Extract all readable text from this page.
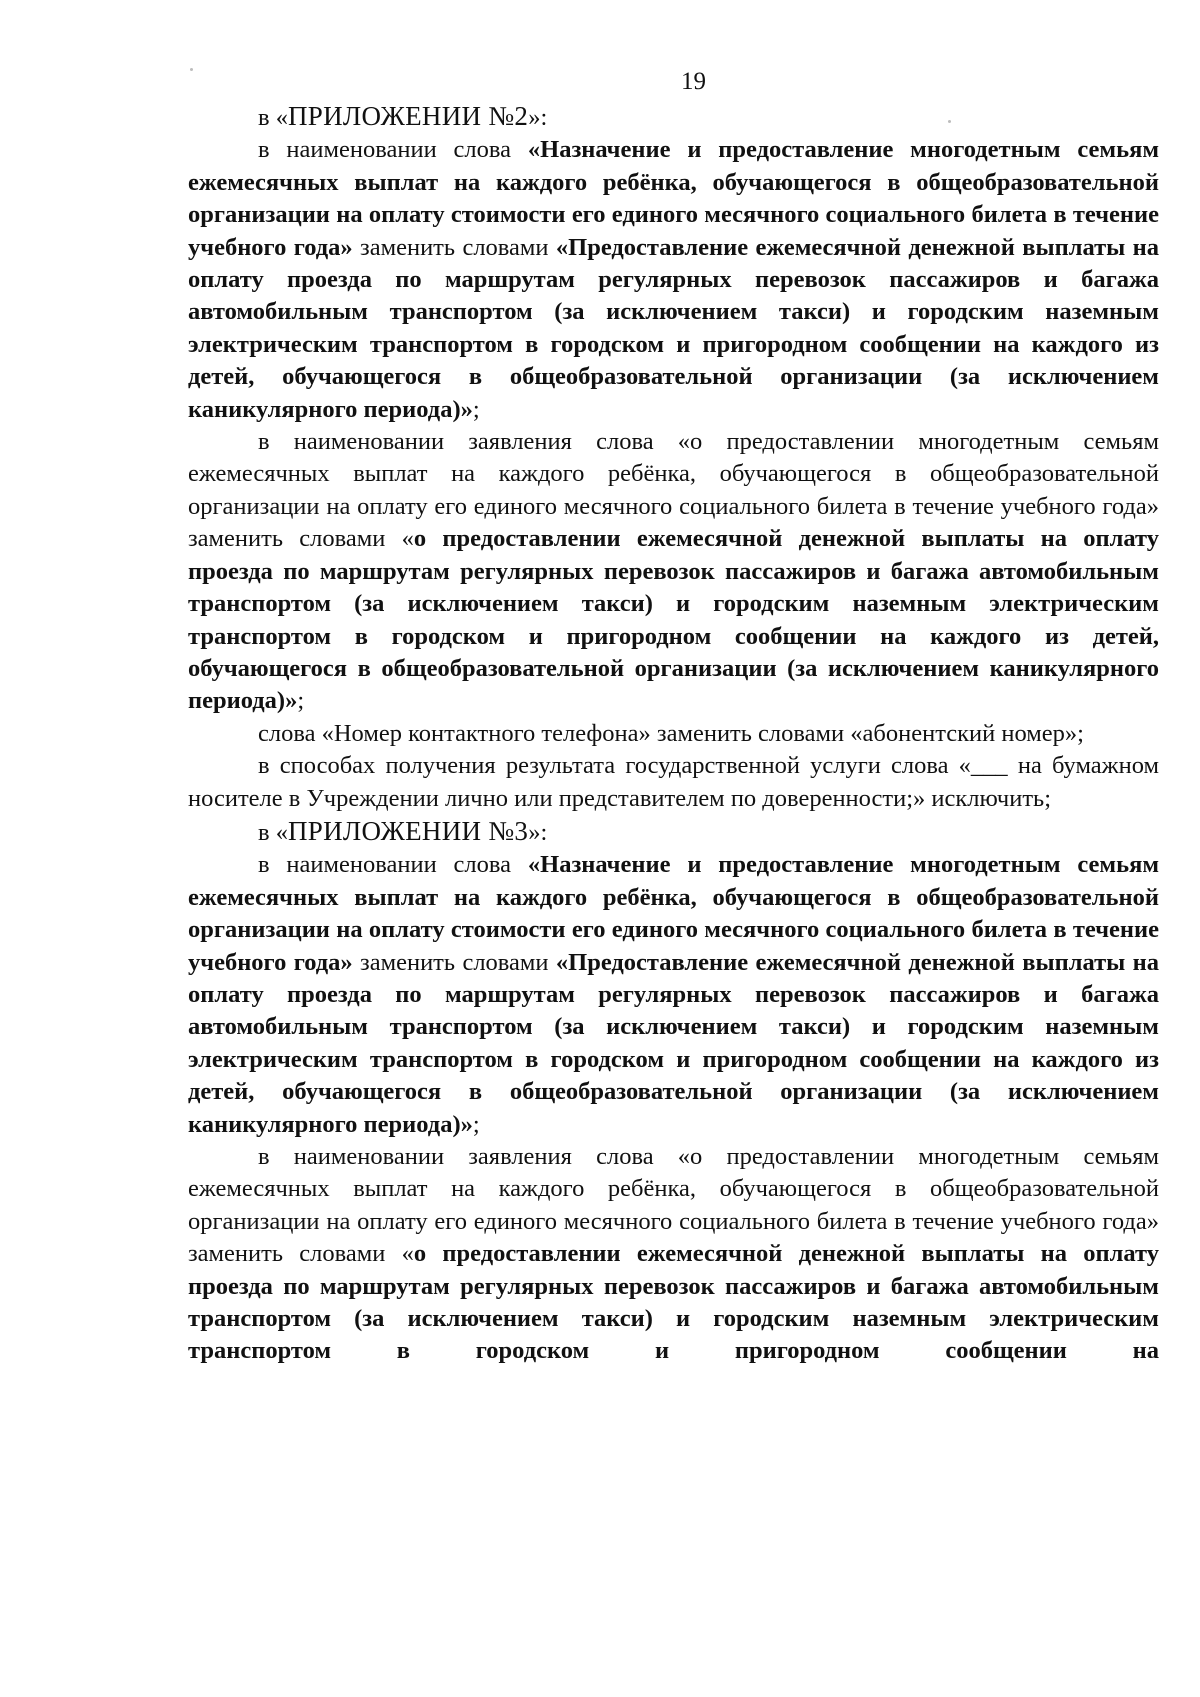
19

в «ПРИЛОЖЕНИИ №2»:

в наименовании слова «Назначение и предоставление многодетным семьям ежемесячных выплат на каждого ребёнка, обучающегося в общеобразовательной организации на оплату стоимости его единого месячного социального билета в течение учебного года» заменить словами «Предоставление ежемесячной денежной выплаты на оплату проезда по маршрутам регулярных перевозок пассажиров и багажа автомобильным транспортом (за исключением такси) и городским наземным электрическим транспортом в городском и пригородном сообщении на каждого из детей, обучающегося в общеобразовательной организации (за исключением каникулярного периода)»;

в наименовании заявления слова «о предоставлении многодетным семьям ежемесячных выплат на каждого ребёнка, обучающегося в общеобразовательной организации на оплату его единого месячного социального билета в течение учебного года» заменить словами «о предоставлении ежемесячной денежной выплаты на оплату проезда по маршрутам регулярных перевозок пассажиров и багажа автомобильным транспортом (за исключением такси) и городским наземным электрическим транспортом в городском и пригородном сообщении на каждого из детей, обучающегося в общеобразовательной организации (за исключением каникулярного периода)»;

слова «Номер контактного телефона» заменить словами «абонентский номер»;

в способах получения результата государственной услуги слова «___ на бумажном носителе в Учреждении лично или представителем по доверенности;» исключить;

в «ПРИЛОЖЕНИИ №3»:

в наименовании слова «Назначение и предоставление многодетным семьям ежемесячных выплат на каждого ребёнка, обучающегося в общеобразовательной организации на оплату стоимости его единого месячного социального билета в течение учебного года» заменить словами «Предоставление ежемесячной денежной выплаты на оплату проезда по маршрутам регулярных перевозок пассажиров и багажа автомобильным транспортом (за исключением такси) и городским наземным электрическим транспортом в городском и пригородном сообщении на каждого из детей, обучающегося в общеобразовательной организации (за исключением каникулярного периода)»;

в наименовании заявления слова «о предоставлении многодетным семьям ежемесячных выплат на каждого ребёнка, обучающегося в общеобразовательной организации на оплату его единого месячного социального билета в течение учебного года» заменить словами «о предоставлении ежемесячной денежной выплаты на оплату проезда по маршрутам регулярных перевозок пассажиров и багажа автомобильным транспортом (за исключением такси) и городским наземным электрическим транспортом в городском и пригородном сообщении на
